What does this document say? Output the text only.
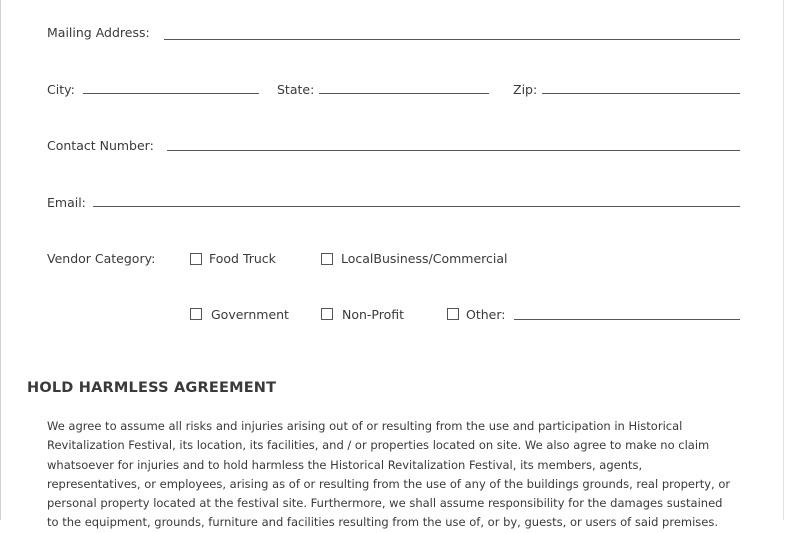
Mailing Address:
City:	State:	Zip:
Contact Number:
Email:
Vendor Category:	Food Truck	LocalBusiness/Commercial
Government	Non-Profit	Other:
HOLD HARMLESS AGREEMENT
We agree to assume all risks and injuries arising out of or resulting from the use and participation in Historical
Revitalization Festival, its location, its facilities, and / or properties located on site. We also agree to make no claim
whatsoever for injuries and to hold harmless the Historical Revitalization Festival, its members, agents,
representatives, or employees, arising as of or resulting from the use of any of the buildings grounds, real property, or
personal property located at the festival site. Furthermore, we shall assume responsibility for the damages sustained
to the equipment, grounds, furniture and facilities resulting from the use of, or by, guests, or users of said premises.
